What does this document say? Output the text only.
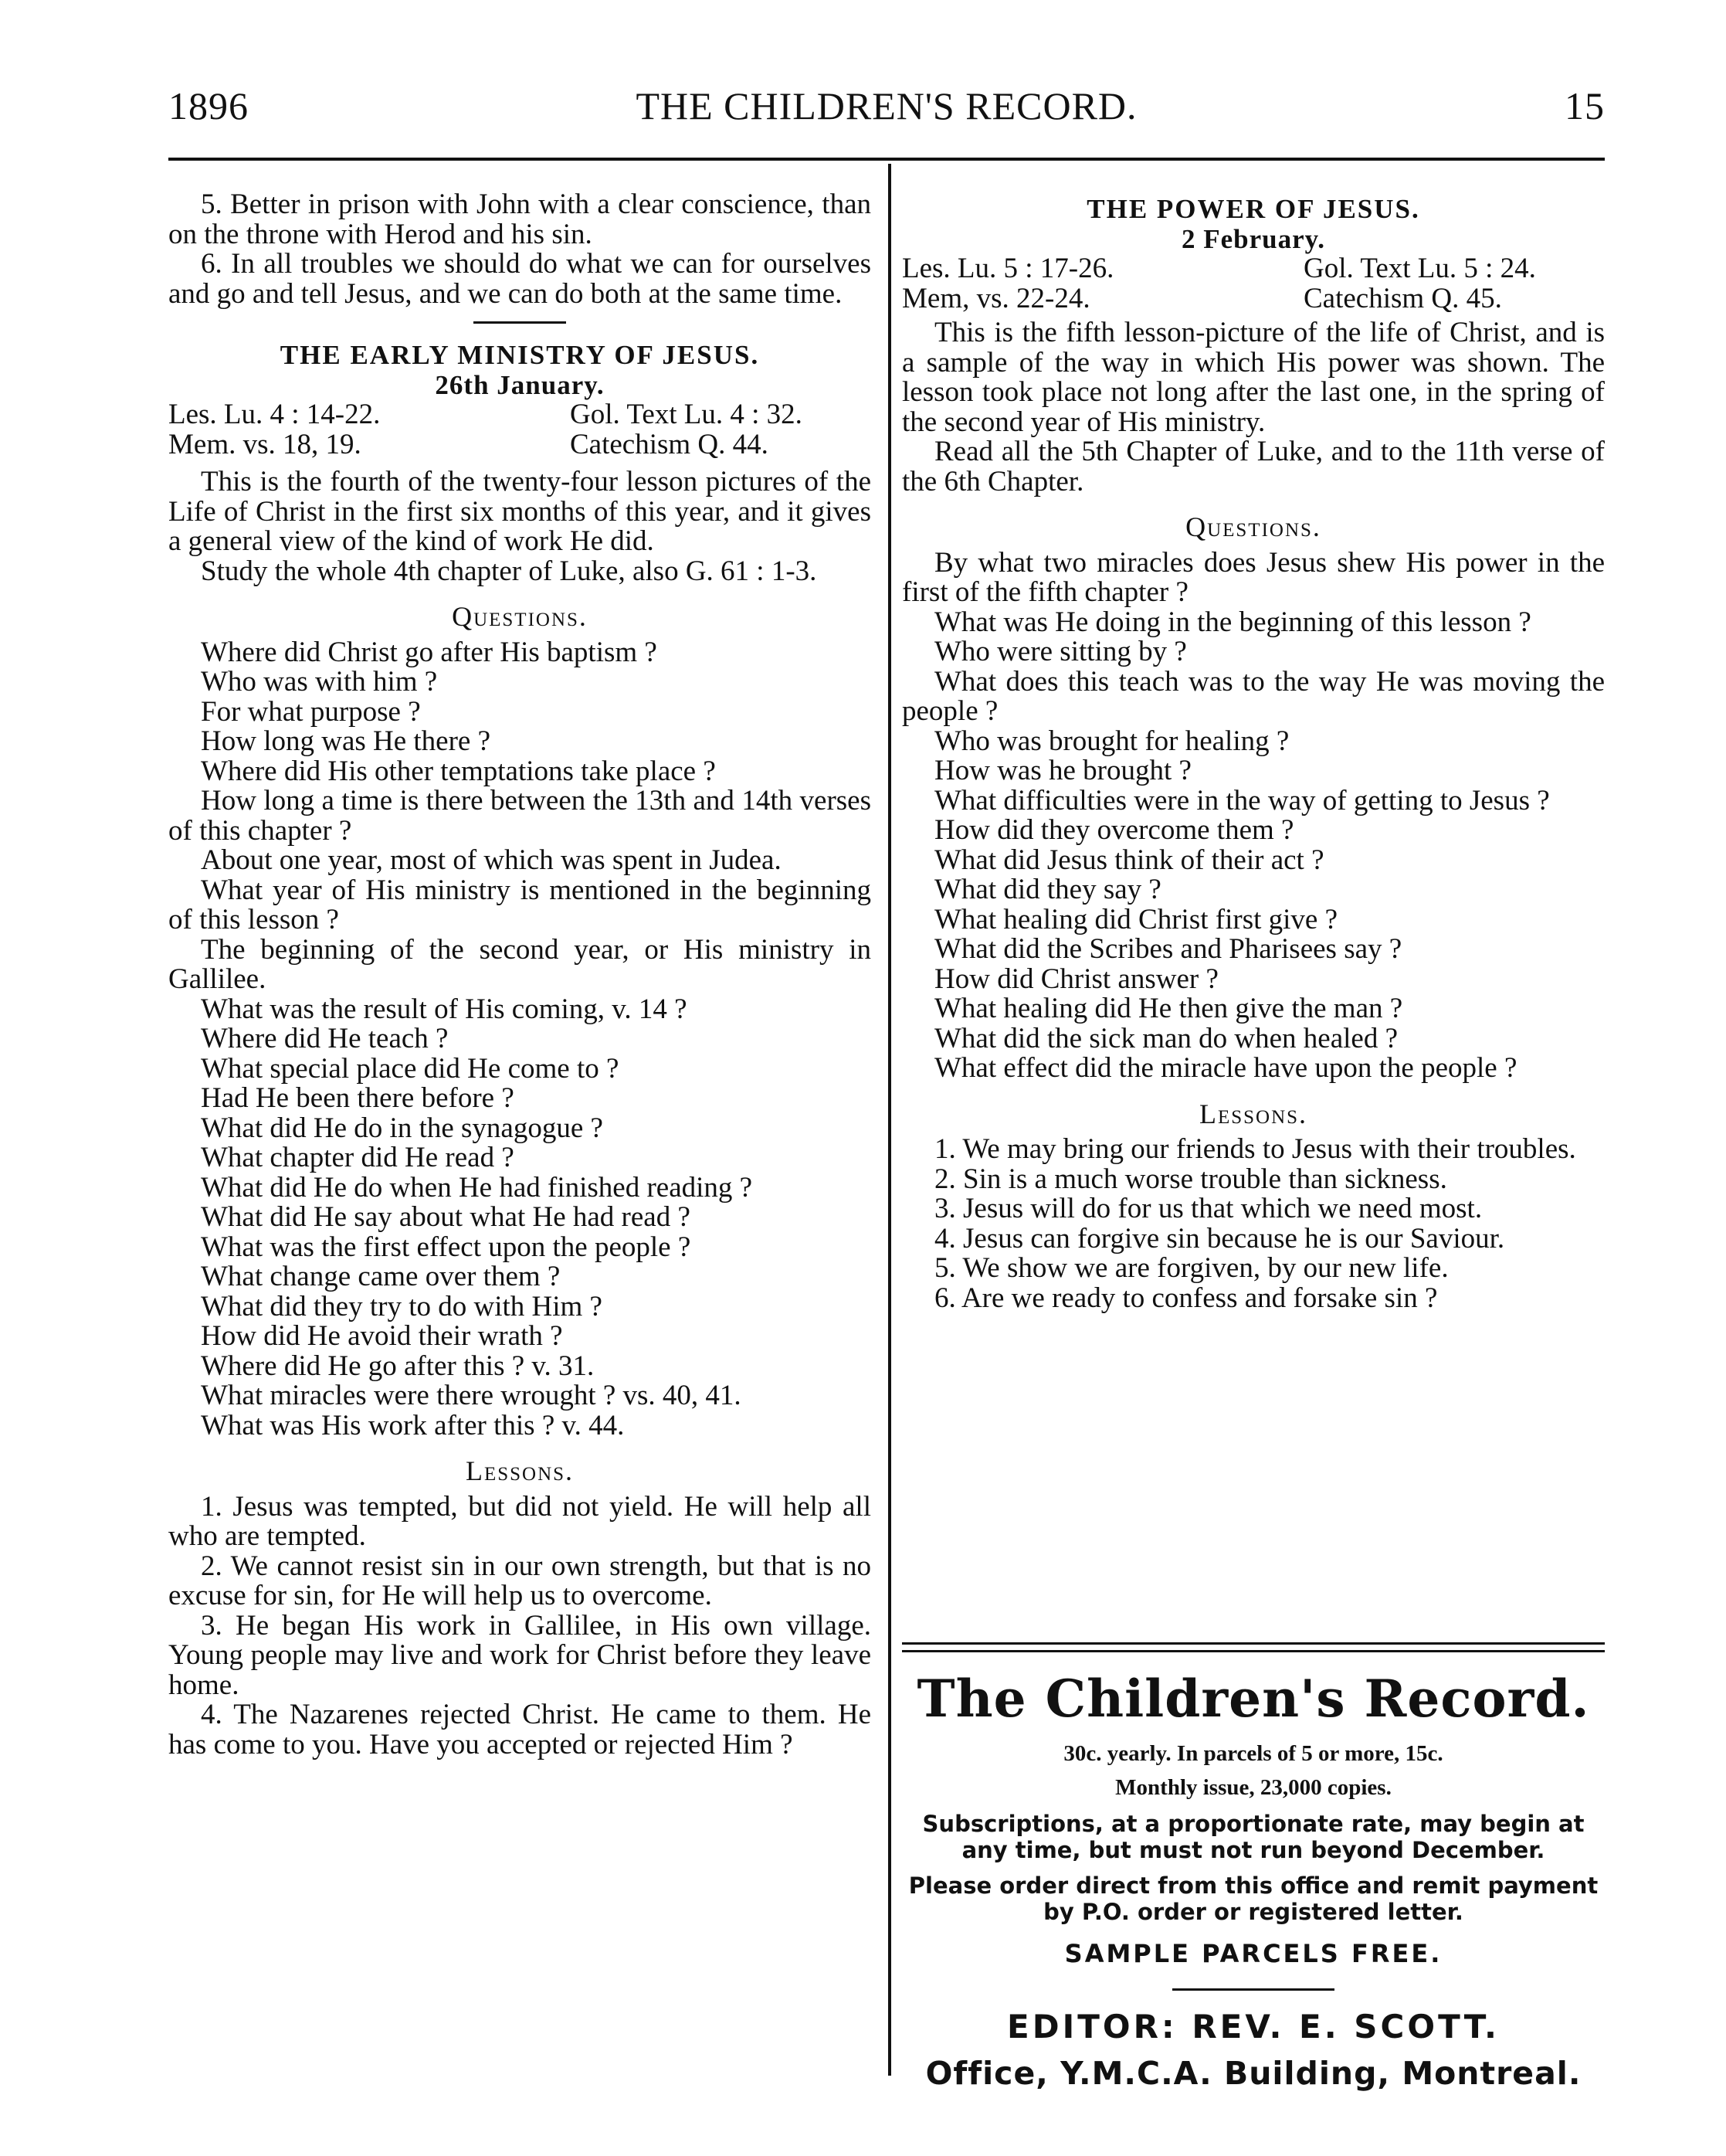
1896	THE CHILDREN'S RECORD.	15

5. Better in prison with John with a clear conscience, than on the throne with Herod and his sin.

6. In all troubles we should do what we can for ourselves and go and tell Jesus, and we can do both at the same time.

THE EARLY MINISTRY OF JESUS.
26th January.
Les. Lu. 4 : 14-22.	Gol. Text Lu. 4 : 32.
Mem. vs. 18, 19.	Catechism Q. 44.

This is the fourth of the twenty-four lesson pictures of the Life of Christ in the first six months of this year, and it gives a general view of the kind of work He did.

Study the whole 4th chapter of Luke, also G. 61 : 1-3.

Questions.

Where did Christ go after His baptism ?

Who was with him ?

For what purpose ?

How long was He there ?

Where did His other temptations take place ?

How long a time is there between the 13th and 14th verses of this chapter ?

About one year, most of which was spent in Judea.

What year of His ministry is mentioned in the beginning of this lesson ?

The beginning of the second year, or His ministry in Gallilee.

What was the result of His coming, v. 14 ?

Where did He teach ?

What special place did He come to ?

Had He been there before ?

What did He do in the synagogue ?

What chapter did He read ?

What did He do when He had finished reading ?

What did He say about what He had read ?

What was the first effect upon the people ?

What change came over them ?

What did they try to do with Him ?

How did He avoid their wrath ?

Where did He go after this ? v. 31.

What miracles were there wrought ? vs. 40, 41.

What was His work after this ? v. 44.

Lessons.

1. Jesus was tempted, but did not yield. He will help all who are tempted.

2. We cannot resist sin in our own strength, but that is no excuse for sin, for He will help us to overcome.

3. He began His work in Gallilee, in His own village. Young people may live and work for Christ before they leave home.

4. The Nazarenes rejected Christ. He came to them. He has come to you. Have you accepted or rejected Him ?

THE POWER OF JESUS.
2 February.
Les. Lu. 5 : 17-26.	Gol. Text Lu. 5 : 24.
Mem, vs. 22-24.	Catechism Q. 45.

This is the fifth lesson-picture of the life of Christ, and is a sample of the way in which His power was shown. The lesson took place not long after the last one, in the spring of the second year of His ministry.

Read all the 5th Chapter of Luke, and to the 11th verse of the 6th Chapter.

Questions.

By what two miracles does Jesus shew His power in the first of the fifth chapter ?

What was He doing in the beginning of this lesson ?

Who were sitting by ?

What does this teach was to the way He was moving the people ?

Who was brought for healing ?

How was he brought ?

What difficulties were in the way of getting to Jesus ?

How did they overcome them ?

What did Jesus think of their act ?

What did they say ?

What healing did Christ first give ?

What did the Scribes and Pharisees say ?

How did Christ answer ?

What healing did He then give the man ?

What did the sick man do when healed ?

What effect did the miracle have upon the people ?

Lessons.

1. We may bring our friends to Jesus with their troubles.

2. Sin is a much worse trouble than sickness.

3. Jesus will do for us that which we need most.

4. Jesus can forgive sin because he is our Saviour.

5. We show we are forgiven, by our new life.

6. Are we ready to confess and forsake sin ?

The Children's Record.
30c. yearly. In parcels of 5 or more, 15c.
Monthly issue, 23,000 copies.
Subscriptions, at a proportionate rate, may begin at any time, but must not run beyond December.
Please order direct from this office and remit payment by P.O. order or registered letter.
SAMPLE PARCELS FREE.
EDITOR: REV. E. SCOTT.
Office, Y.M.C.A. Building, Montreal.
